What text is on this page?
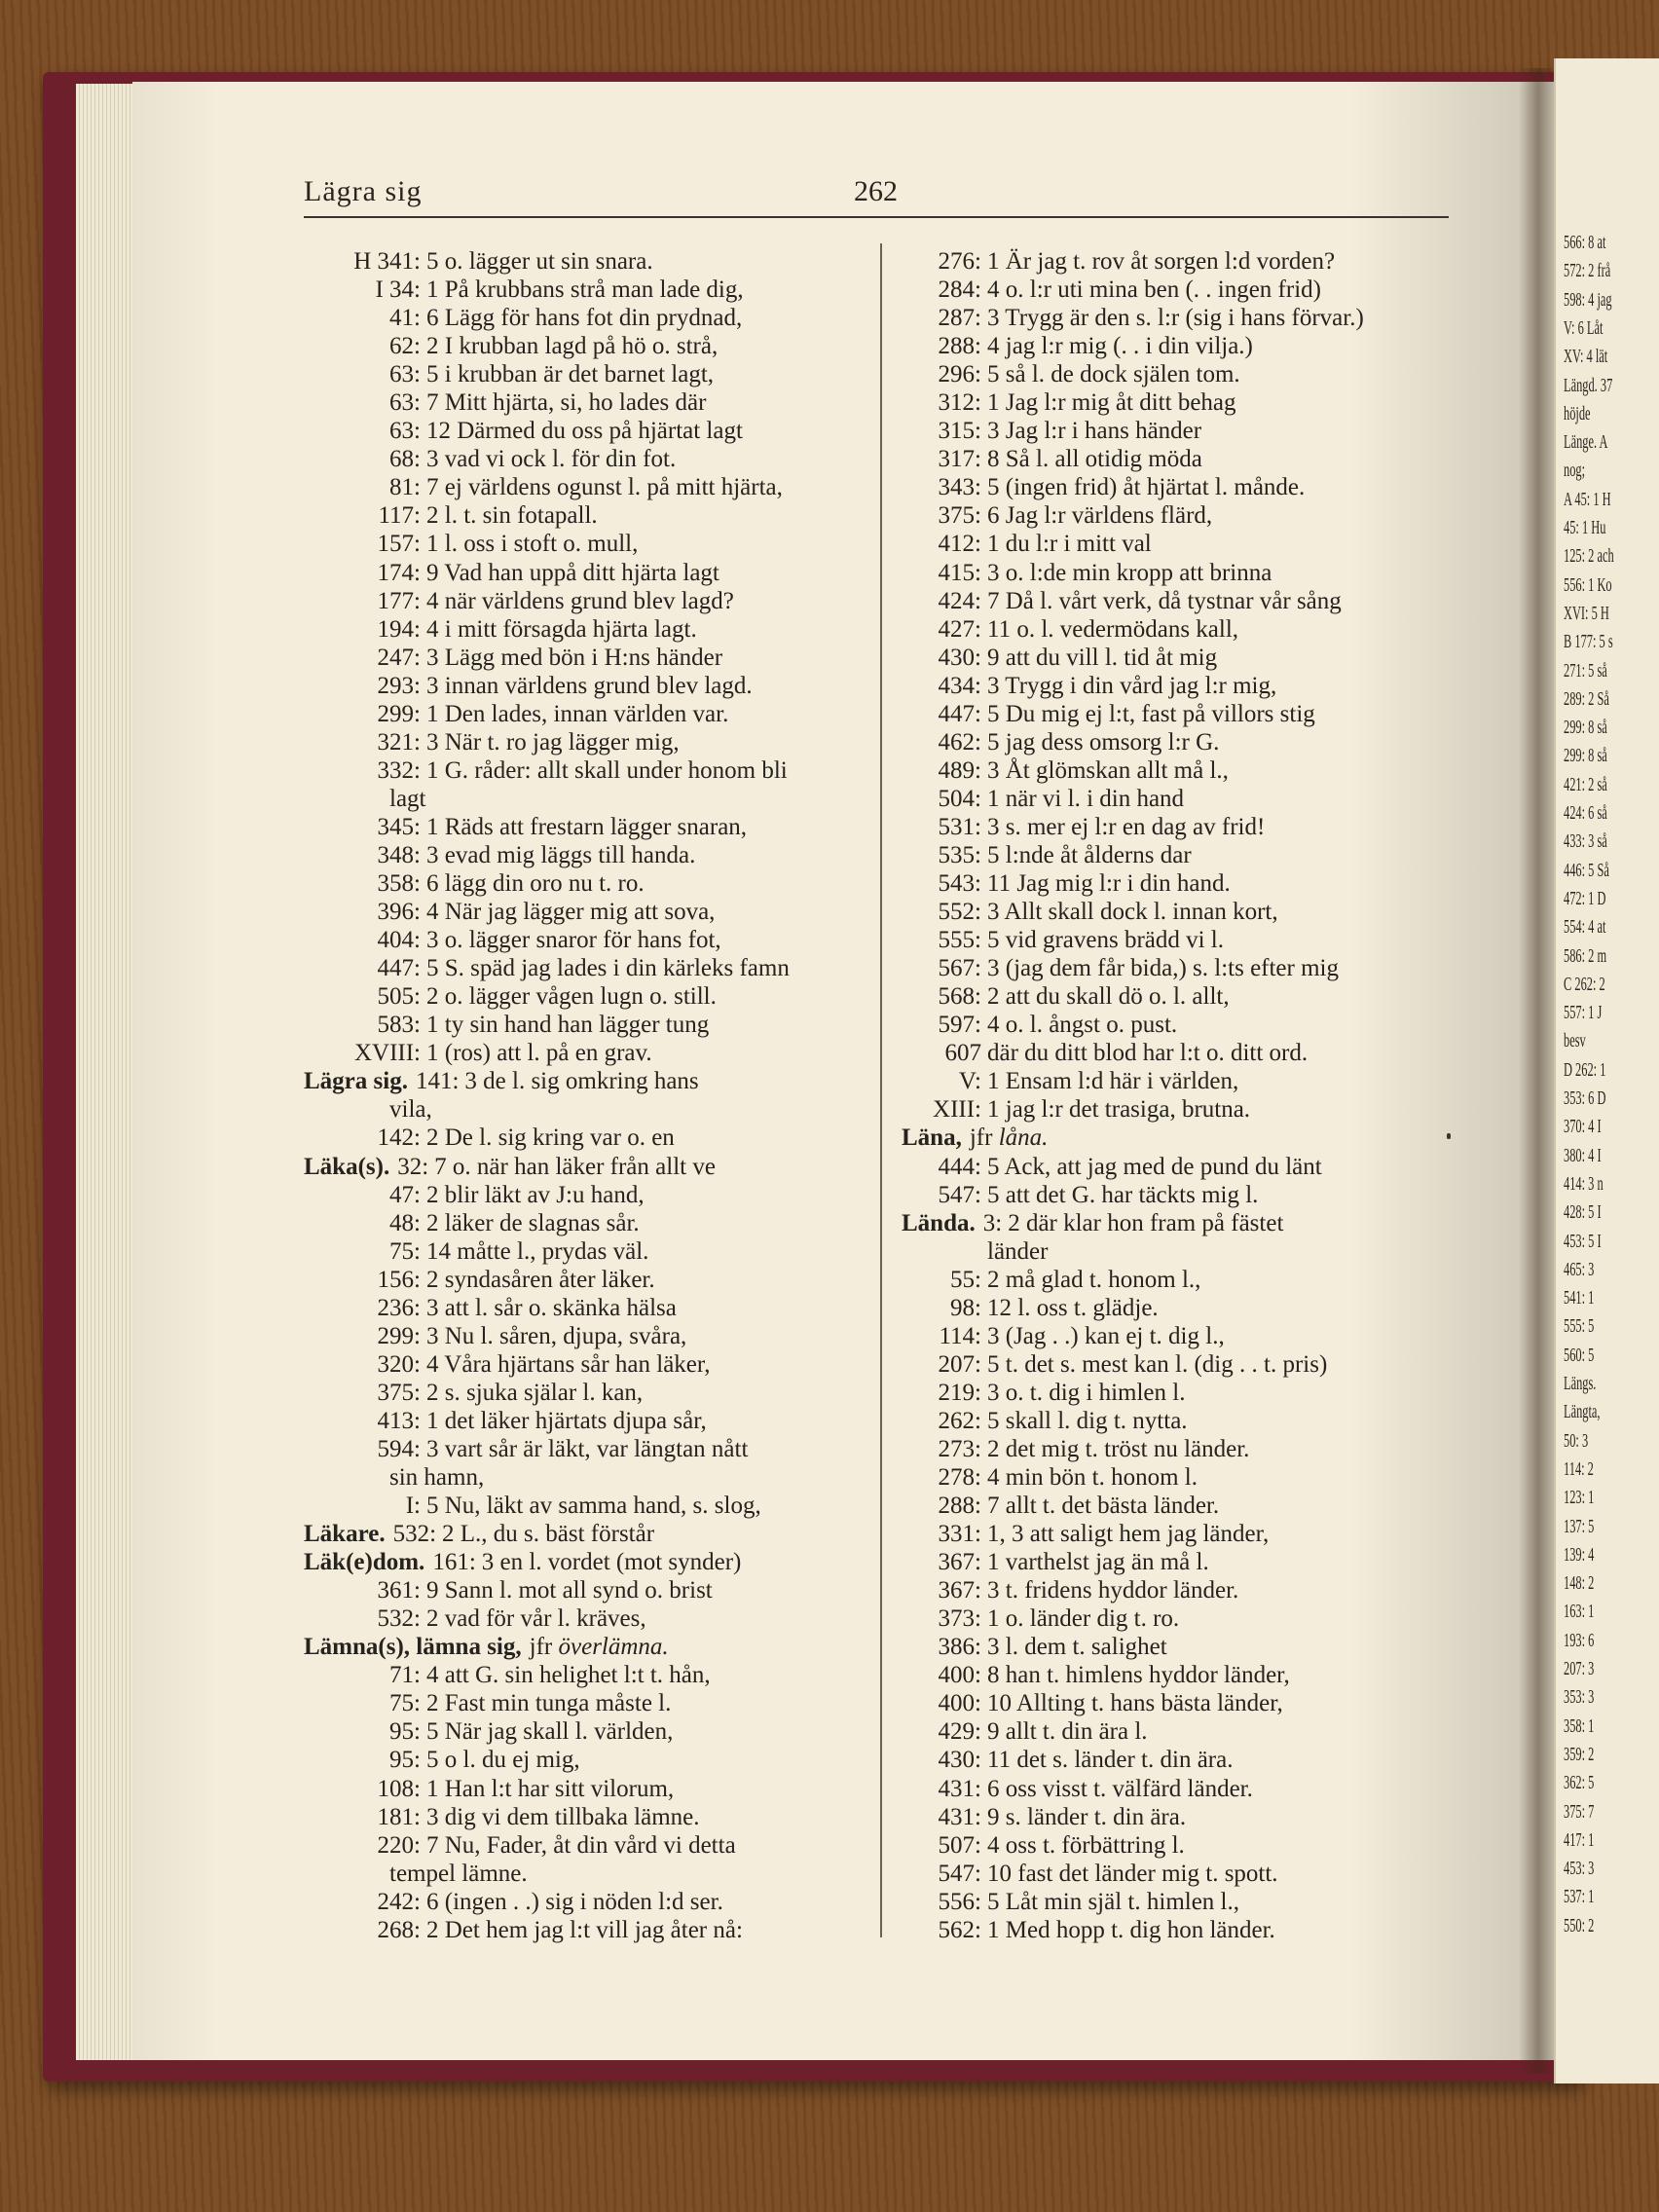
566: 8 at
572: 2 frå
598: 4 jag
V: 6 Låt
XV: 4 lät
Längd. 37
höjde
Länge. A
nog;
A 45: 1 H
45: 1 Hu
125: 2 ach
556: 1 Ko
XVI: 5 H
B 177: 5 s
271: 5 så
289: 2 Så
299: 8 så
299: 8 så
421: 2 så
424: 6 så
433: 3 så
446: 5 Så
472: 1 D
554: 4 at
586: 2 m
C 262: 2
557: 1 J
besv
D 262: 1
353: 6 D
370: 4 I
380: 4 I
414: 3 n
428: 5 I
453: 5 I
465: 3
541: 1
555: 5
560: 5
Längs.
Längta,
50: 3
114: 2
123: 1
137: 5
139: 4
148: 2
163: 1
193: 6
207: 3
353: 3
358: 1
359: 2
362: 5
375: 7
417: 1
453: 3
537: 1
550: 2
Lägra sig	262
H 341: 5 o. lägger ut sin snara.
I 34: 1 På krubbans strå man lade dig,
41: 6 Lägg för hans fot din prydnad,
62: 2 I krubban lagd på hö o. strå,
63: 5 i krubban är det barnet lagt,
63: 7 Mitt hjärta, si, ho lades där
63: 12 Därmed du oss på hjärtat lagt
68: 3 vad vi ock l. för din fot.
81: 7 ej världens ogunst l. på mitt hjärta,
117: 2 l. t. sin fotapall.
157: 1 l. oss i stoft o. mull,
174: 9 Vad han uppå ditt hjärta lagt
177: 4 när världens grund blev lagd?
194: 4 i mitt försagda hjärta lagt.
247: 3 Lägg med bön i H:ns händer
293: 3 innan världens grund blev lagd.
299: 1 Den lades, innan världen var.
321: 3 När t. ro jag lägger mig,
332: 1 G. råder: allt skall under honom bli
lagt
345: 1 Räds att frestarn lägger snaran,
348: 3 evad mig läggs till handa.
358: 6 lägg din oro nu t. ro.
396: 4 När jag lägger mig att sova,
404: 3 o. lägger snaror för hans fot,
447: 5 S. späd jag lades i din kärleks famn
505: 2 o. lägger vågen lugn o. still.
583: 1 ty sin hand han lägger tung
XVIII: 1 (ros) att l. på en grav.
Lägra sig. 141: 3 de l. sig omkring hans
vila,
142: 2 De l. sig kring var o. en
Läka(s). 32: 7 o. när han läker från allt ve
47: 2 blir läkt av J:u hand,
48: 2 läker de slagnas sår.
75: 14 måtte l., prydas väl.
156: 2 syndasåren åter läker.
236: 3 att l. sår o. skänka hälsa
299: 3 Nu l. såren, djupa, svåra,
320: 4 Våra hjärtans sår han läker,
375: 2 s. sjuka själar l. kan,
413: 1 det läker hjärtats djupa sår,
594: 3 vart sår är läkt, var längtan nått
sin hamn,
I: 5 Nu, läkt av samma hand, s. slog,
Läkare. 532: 2 L., du s. bäst förstår
Läk(e)dom. 161: 3 en l. vordet (mot synder)
361: 9 Sann l. mot all synd o. brist
532: 2 vad för vår l. kräves,
Lämna(s), lämna sig, jfr överlämna.
71: 4 att G. sin helighet l:t t. hån,
75: 2 Fast min tunga måste l.
95: 5 När jag skall l. världen,
95: 5 o l. du ej mig,
108: 1 Han l:t har sitt vilorum,
181: 3 dig vi dem tillbaka lämne.
220: 7 Nu, Fader, åt din vård vi detta
tempel lämne.
242: 6 (ingen . .) sig i nöden l:d ser.
268: 2 Det hem jag l:t vill jag åter nå:
276: 1 Är jag t. rov åt sorgen l:d vorden?
284: 4 o. l:r uti mina ben (. . ingen frid)
287: 3 Trygg är den s. l:r (sig i hans förvar.)
288: 4 jag l:r mig (. . i din vilja.)
296: 5 så l. de dock själen tom.
312: 1 Jag l:r mig åt ditt behag
315: 3 Jag l:r i hans händer
317: 8 Så l. all otidig möda
343: 5 (ingen frid) åt hjärtat l. månde.
375: 6 Jag l:r världens flärd,
412: 1 du l:r i mitt val
415: 3 o. l:de min kropp att brinna
424: 7 Då l. vårt verk, då tystnar vår sång
427: 11 o. l. vedermödans kall,
430: 9 att du vill l. tid åt mig
434: 3 Trygg i din vård jag l:r mig,
447: 5 Du mig ej l:t, fast på villors stig
462: 5 jag dess omsorg l:r G.
489: 3 Åt glömskan allt må l.,
504: 1 när vi l. i din hand
531: 3 s. mer ej l:r en dag av frid!
535: 5 l:nde åt ålderns dar
543: 11 Jag mig l:r i din hand.
552: 3 Allt skall dock l. innan kort,
555: 5 vid gravens brädd vi l.
567: 3 (jag dem får bida,) s. l:ts efter mig
568: 2 att du skall dö o. l. allt,
597: 4 o. l. ångst o. pust.
607 där du ditt blod har l:t o. ditt ord.
V: 1 Ensam l:d här i världen,
XIII: 1 jag l:r det trasiga, brutna.
Läna, jfr låna.
444: 5 Ack, att jag med de pund du länt
547: 5 att det G. har täckts mig l.
Lända. 3: 2 där klar hon fram på fästet
länder
55: 2 må glad t. honom l.,
98: 12 l. oss t. glädje.
114: 3 (Jag . .) kan ej t. dig l.,
207: 5 t. det s. mest kan l. (dig . . t. pris)
219: 3 o. t. dig i himlen l.
262: 5 skall l. dig t. nytta.
273: 2 det mig t. tröst nu länder.
278: 4 min bön t. honom l.
288: 7 allt t. det bästa länder.
331: 1, 3 att saligt hem jag länder,
367: 1 varthelst jag än må l.
367: 3 t. fridens hyddor länder.
373: 1 o. länder dig t. ro.
386: 3 l. dem t. salighet
400: 8 han t. himlens hyddor länder,
400: 10 Allting t. hans bästa länder,
429: 9 allt t. din ära l.
430: 11 det s. länder t. din ära.
431: 6 oss visst t. välfärd länder.
431: 9 s. länder t. din ära.
507: 4 oss t. förbättring l.
547: 10 fast det länder mig t. spott.
556: 5 Låt min själ t. himlen l.,
562: 1 Med hopp t. dig hon länder.
